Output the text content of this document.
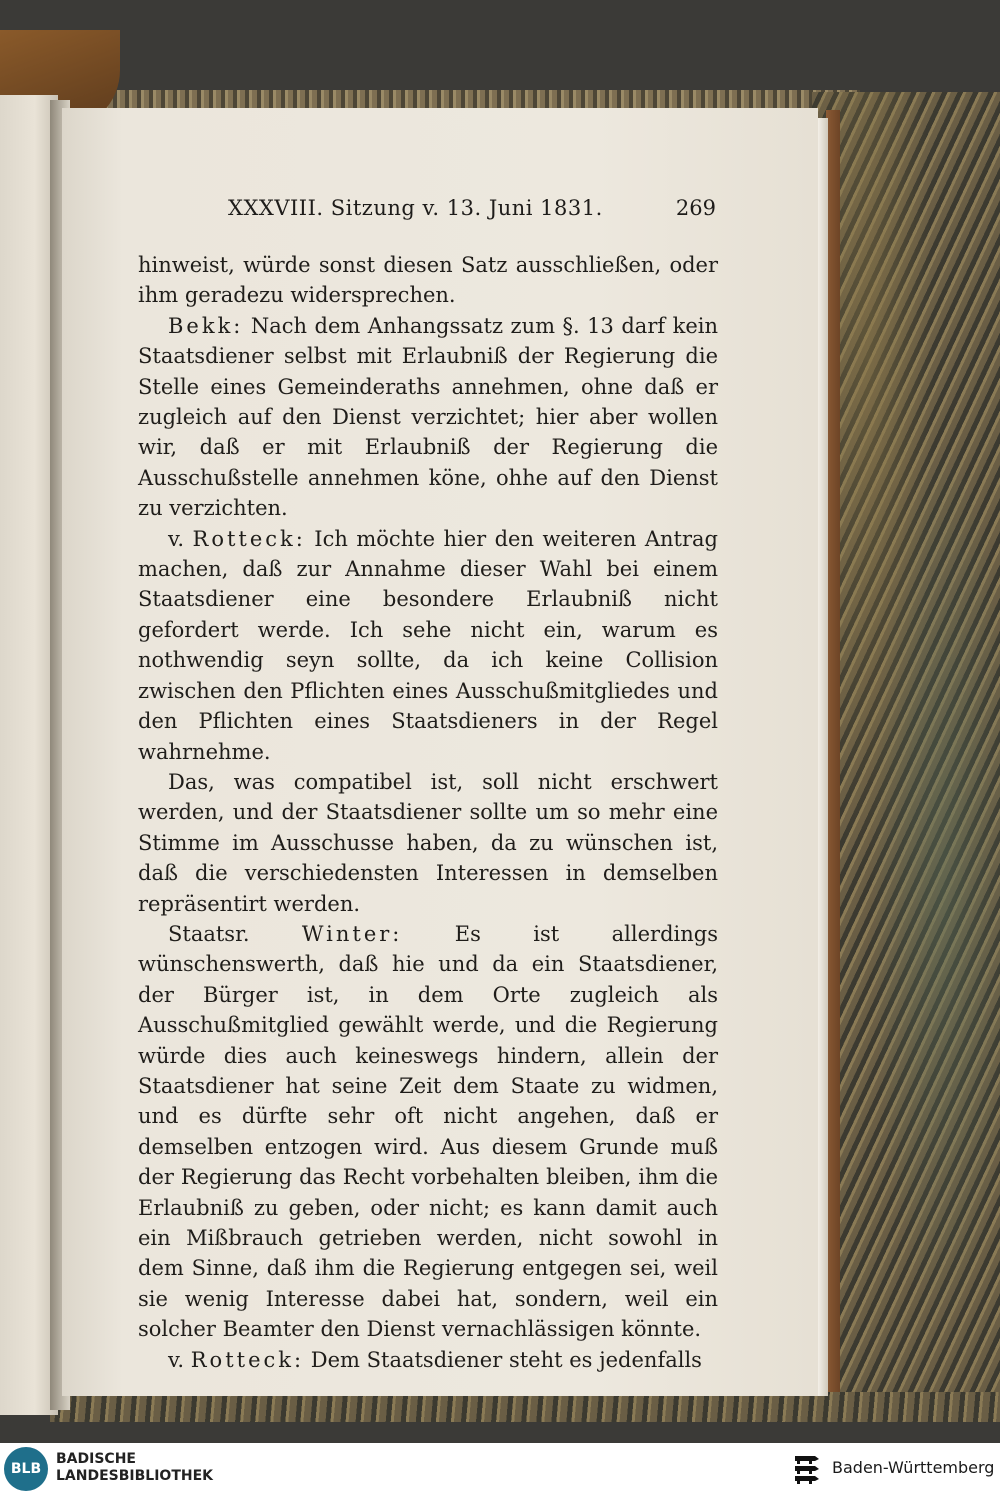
XXXVIII. Sitzung v. 13. Juni 1831.	269

hinweist, würde sonst diesen Satz ausschließen, oder ihm geradezu widersprechen.

Bekk: Nach dem Anhangssatz zum §. 13 darf kein Staatsdiener selbst mit Erlaubniß der Regierung die Stelle eines Gemeinderaths annehmen, ohne daß er zugleich auf den Dienst verzichtet; hier aber wollen wir, daß er mit Erlaubniß der Regierung die Ausschußstelle annehmen köne, ohhe auf den Dienst zu verzichten.

v. Rotteck: Ich möchte hier den weiteren Antrag machen, daß zur Annahme dieser Wahl bei einem Staatsdiener eine besondere Erlaubniß nicht gefordert werde. Ich sehe nicht ein, warum es nothwendig seyn sollte, da ich keine Collision zwischen den Pflichten eines Ausschußmitgliedes und den Pflichten eines Staatsdieners in der Regel wahrnehme.

Das, was compatibel ist, soll nicht erschwert werden, und der Staatsdiener sollte um so mehr eine Stimme im Ausschusse haben, da zu wünschen ist, daß die verschiedensten Interessen in demselben repräsentirt werden.

Staatsr. Winter: Es ist allerdings wünschenswerth, daß hie und da ein Staatsdiener, der Bürger ist, in dem Orte zugleich als Ausschußmitglied gewählt werde, und die Regierung würde dies auch keineswegs hindern, allein der Staatsdiener hat seine Zeit dem Staate zu widmen, und es dürfte sehr oft nicht angehen, daß er demselben entzogen wird. Aus diesem Grunde muß der Regierung das Recht vorbehalten bleiben, ihm die Erlaubniß zu geben, oder nicht; es kann damit auch ein Mißbrauch getrieben werden, nicht sowohl in dem Sinne, daß ihm die Regierung entgegen sei, weil sie wenig Interesse dabei hat, sondern, weil ein solcher Beamter den Dienst vernachlässigen könnte.

v. Rotteck: Dem Staatsdiener steht es jedenfalls

BLB
BADISCHE
LANDESBIBLIOTHEK	Baden-Württemberg
